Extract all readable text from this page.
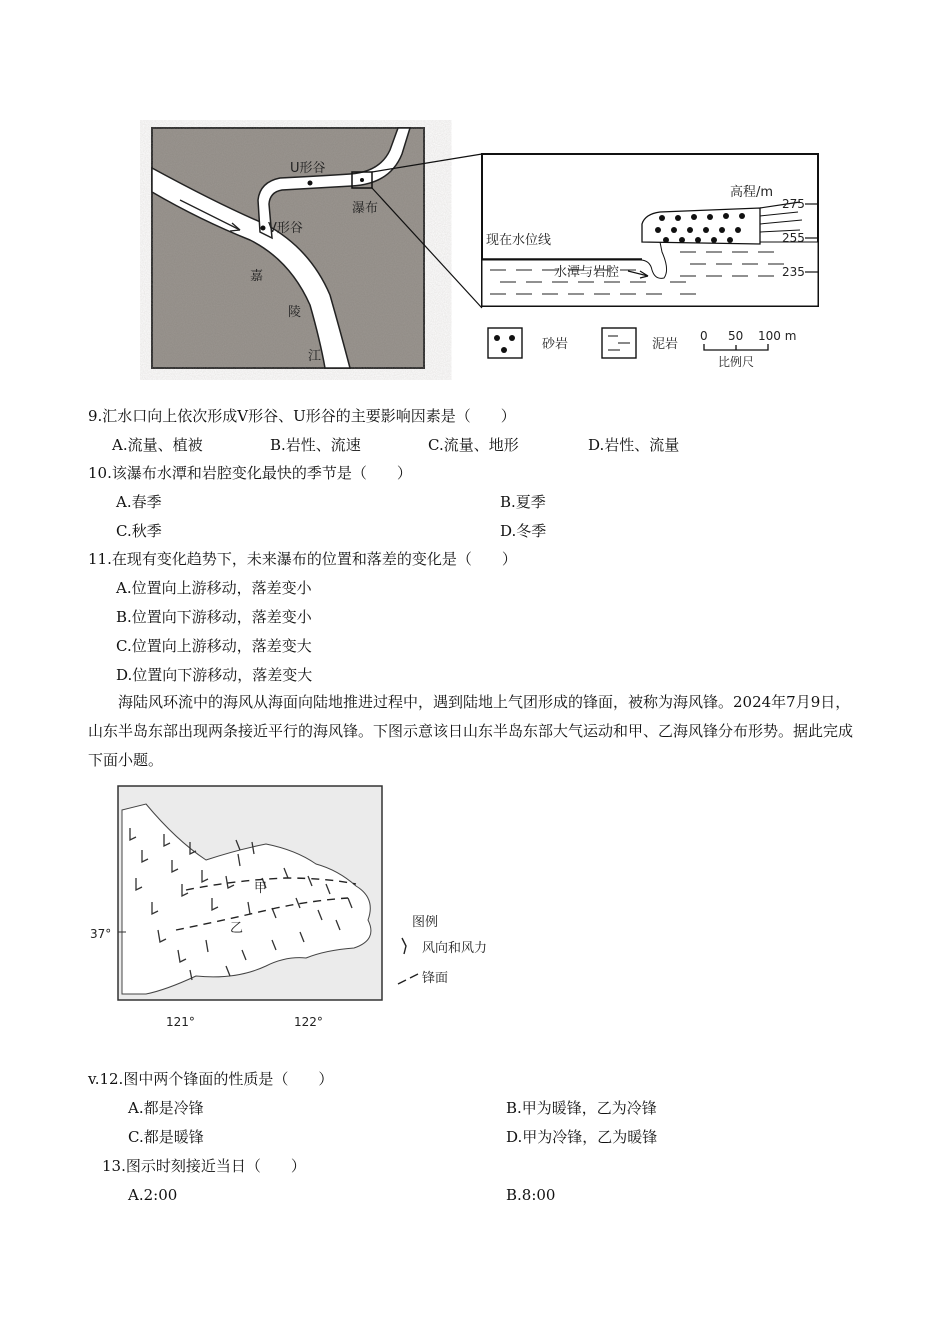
U形谷
V形谷
瀑布
嘉
陵
江
高程/m
275
255
235
现在水位线
水潭与岩腔
砂岩	泥岩
0 50 100 m
比例尺
9.汇水口向上依次形成V形谷、U形谷的主要影响因素是（　　）
A.流量、植被	B.岩性、流速	C.流量、地形	D.岩性、流量
10.该瀑布水潭和岩腔变化最快的季节是（　　）
A.春季	B.夏季
C.秋季	D.冬季
11.在现有变化趋势下，未来瀑布的位置和落差的变化是（　　）
A.位置向上游移动，落差变小
B.位置向下游移动，落差变小
C.位置向上游移动，落差变大
D.位置向下游移动，落差变大
海陆风环流中的海风从海面向陆地推进过程中，遇到陆地上气团形成的锋面，被称为海风锋。2024年7月9日，山东半岛东部出现两条接近平行的海风锋。下图示意该日山东半岛东部大气运动和甲、乙海风锋分布形势。据此完成下面小题。
甲
乙
37°
121°	122°
图例
风向和风力
锋面
v.12.图中两个锋面的性质是（　　）
A.都是冷锋	B.甲为暖锋，乙为冷锋
C.都是暖锋	D.甲为冷锋，乙为暖锋
13.图示时刻接近当日（　　）
A.2:00	B.8:00
